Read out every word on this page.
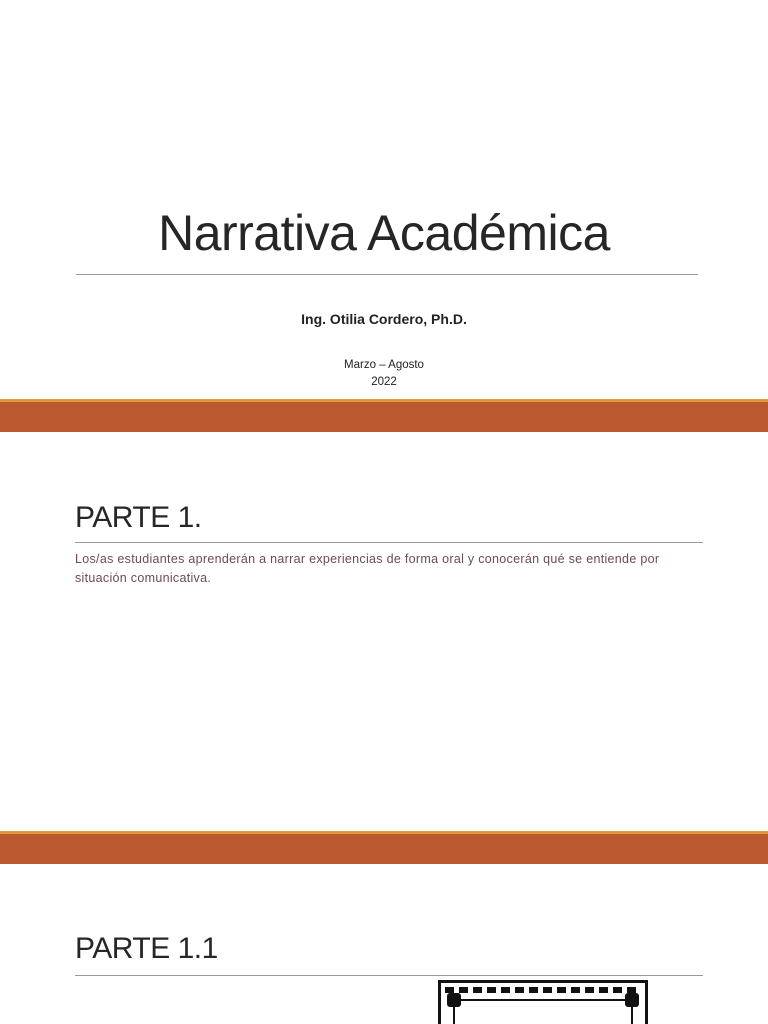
Narrativa Académica
Ing. Otilia Cordero, Ph.D.
Marzo – Agosto
2022
PARTE 1.
Los/as estudiantes aprenderán a narrar experiencias de forma oral y conocerán qué se entiende por situación comunicativa.
PARTE 1.1
